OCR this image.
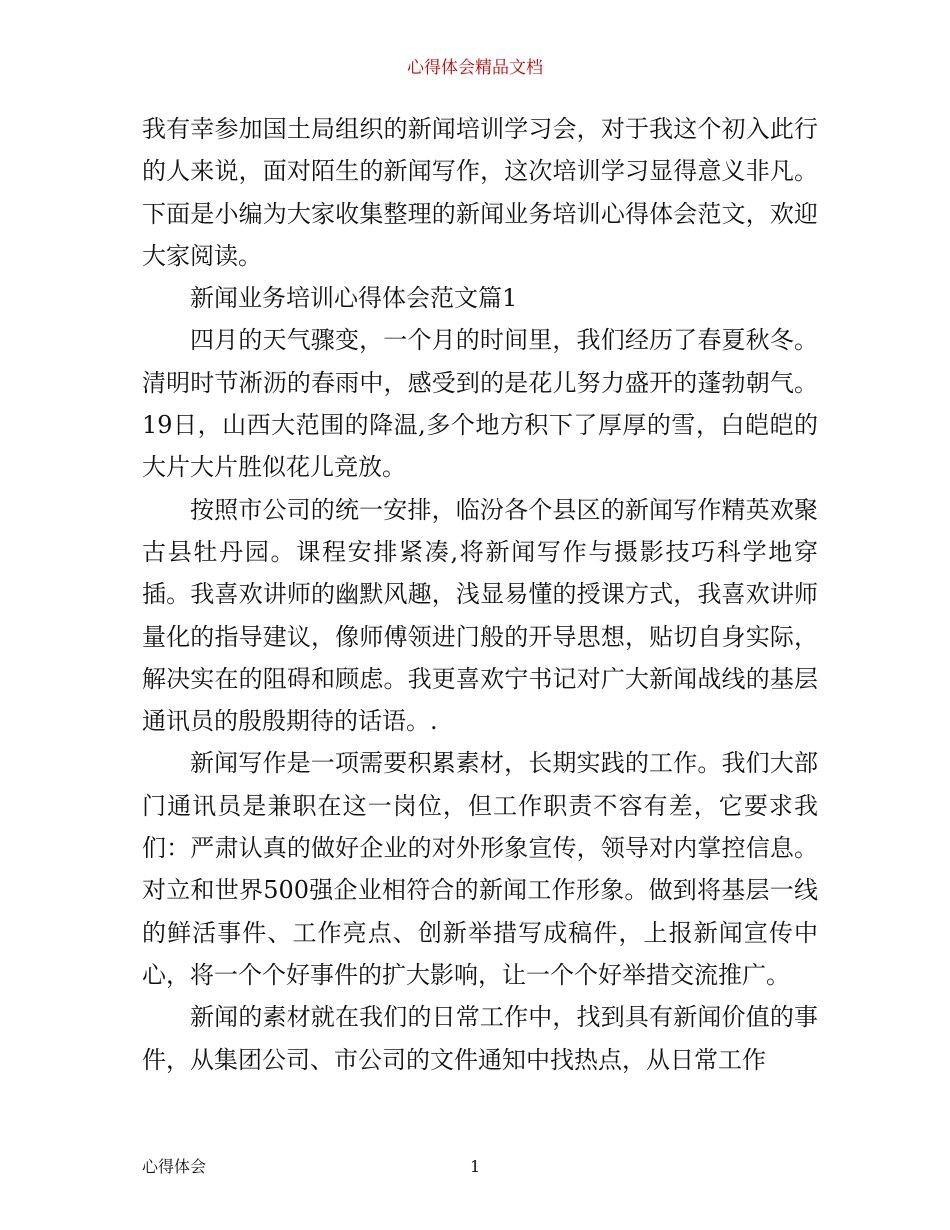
心得体会精品文档

我有幸参加国土局组织的新闻培训学习会，对于我这个初入此行的人来说，面对陌生的新闻写作，这次培训学习显得意义非凡。下面是小编为大家收集整理的新闻业务培训心得体会范文，欢迎大家阅读。

新闻业务培训心得体会范文篇1

四月的天气骤变，一个月的时间里，我们经历了春夏秋冬。清明时节淅沥的春雨中，感受到的是花儿努力盛开的蓬勃朝气。19日，山西大范围的降温,多个地方积下了厚厚的雪，白皑皑的大片大片胜似花儿竞放。

按照市公司的统一安排，临汾各个县区的新闻写作精英欢聚古县牡丹园。课程安排紧凑,将新闻写作与摄影技巧科学地穿插。我喜欢讲师的幽默风趣，浅显易懂的授课方式，我喜欢讲师量化的指导建议，像师傅领进门般的开导思想，贴切自身实际，解决实在的阻碍和顾虑。我更喜欢宁书记对广大新闻战线的基层通讯员的殷殷期待的话语。.

新闻写作是一项需要积累素材，长期实践的工作。我们大部门通讯员是兼职在这一岗位，但工作职责不容有差，它要求我们：严肃认真的做好企业的对外形象宣传，领导对内掌控信息。对立和世界500强企业相符合的新闻工作形象。做到将基层一线的鲜活事件、工作亮点、创新举措写成稿件，上报新闻宣传中心，将一个个好事件的扩大影响，让一个个好举措交流推广。

新闻的素材就在我们的日常工作中，找到具有新闻价值的事件，从集团公司、市公司的文件通知中找热点，从日常工作

心得体会	1
